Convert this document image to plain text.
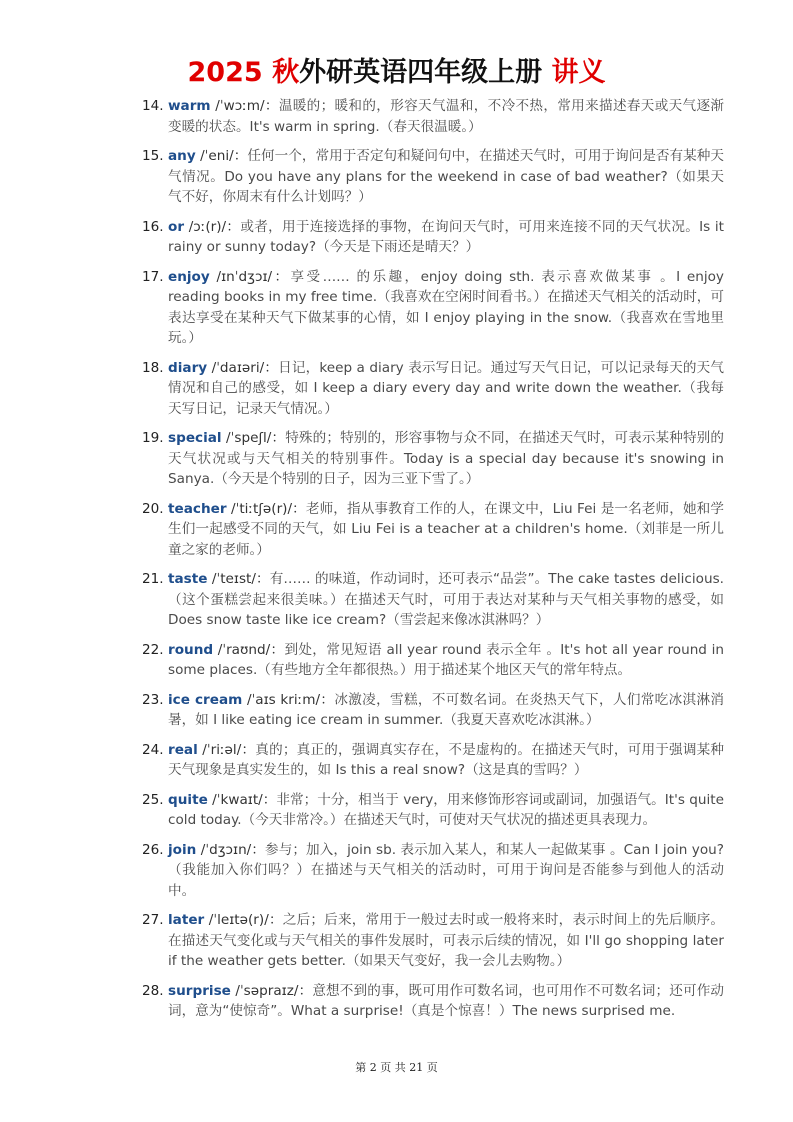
2025 秋外研英语四年级上册 讲义
14. warm /ˈwɔːm/：温暖的；暖和的，形容天气温和，不冷不热，常用来描述春天或天气逐渐变暖的状态。It's warm in spring.（春天很温暖。）
15. any /ˈeni/：任何一个，常用于否定句和疑问句中，在描述天气时，可用于询问是否有某种天气情况。Do you have any plans for the weekend in case of bad weather?（如果天气不好，你周末有什么计划吗？）
16. or /ɔː(r)/：或者，用于连接选择的事物，在询问天气时，可用来连接不同的天气状况。Is it rainy or sunny today?（今天是下雨还是晴天？）
17. enjoy /ɪnˈdʒɔɪ/：享受…… 的乐趣，enjoy doing sth. 表示喜欢做某事 。I enjoy reading books in my free time.（我喜欢在空闲时间看书。）在描述天气相关的活动时，可表达享受在某种天气下做某事的心情，如 I enjoy playing in the snow.（我喜欢在雪地里玩。）
18. diary /ˈdaɪəri/：日记，keep a diary 表示写日记。通过写天气日记，可以记录每天的天气情况和自己的感受，如 I keep a diary every day and write down the weather.（我每天写日记，记录天气情况。）
19. special /ˈspeʃl/：特殊的；特别的，形容事物与众不同，在描述天气时，可表示某种特别的天气状况或与天气相关的特别事件。Today is a special day because it's snowing in Sanya.（今天是个特别的日子，因为三亚下雪了。）
20. teacher /ˈtiːtʃə(r)/：老师，指从事教育工作的人，在课文中，Liu Fei 是一名老师，她和学生们一起感受不同的天气，如 Liu Fei is a teacher at a children's home.（刘菲是一所儿童之家的老师。）
21. taste /ˈteɪst/：有…… 的味道，作动词时，还可表示“品尝”。The cake tastes delicious.（这个蛋糕尝起来很美味。）在描述天气时，可用于表达对某种与天气相关事物的感受，如 Does snow taste like ice cream?（雪尝起来像冰淇淋吗？）
22. round /ˈraʊnd/：到处，常见短语 all year round 表示全年 。It's hot all year round in some places.（有些地方全年都很热。）用于描述某个地区天气的常年特点。
23. ice cream /ˈaɪs kriːm/：冰激凌，雪糕，不可数名词。在炎热天气下，人们常吃冰淇淋消暑，如 I like eating ice cream in summer.（我夏天喜欢吃冰淇淋。）
24. real /ˈriːəl/：真的；真正的，强调真实存在，不是虚构的。在描述天气时，可用于强调某种天气现象是真实发生的，如 Is this a real snow?（这是真的雪吗？）
25. quite /ˈkwaɪt/：非常；十分，相当于 very，用来修饰形容词或副词，加强语气。It's quite cold today.（今天非常冷。）在描述天气时，可使对天气状况的描述更具表现力。
26. join /ˈdʒɔɪn/：参与；加入，join sb. 表示加入某人，和某人一起做某事 。Can I join you?（我能加入你们吗？）在描述与天气相关的活动时，可用于询问是否能参与到他人的活动中。
27. later /ˈleɪtə(r)/：之后；后来，常用于一般过去时或一般将来时，表示时间上的先后顺序。在描述天气变化或与天气相关的事件发展时，可表示后续的情况，如 I'll go shopping later if the weather gets better.（如果天气变好，我一会儿去购物。）
28. surprise /ˈsəpraɪz/：意想不到的事，既可用作可数名词，也可用作不可数名词；还可作动词，意为“使惊奇”。What a surprise!（真是个惊喜！）The news surprised me.
第 2 页 共 21 页
